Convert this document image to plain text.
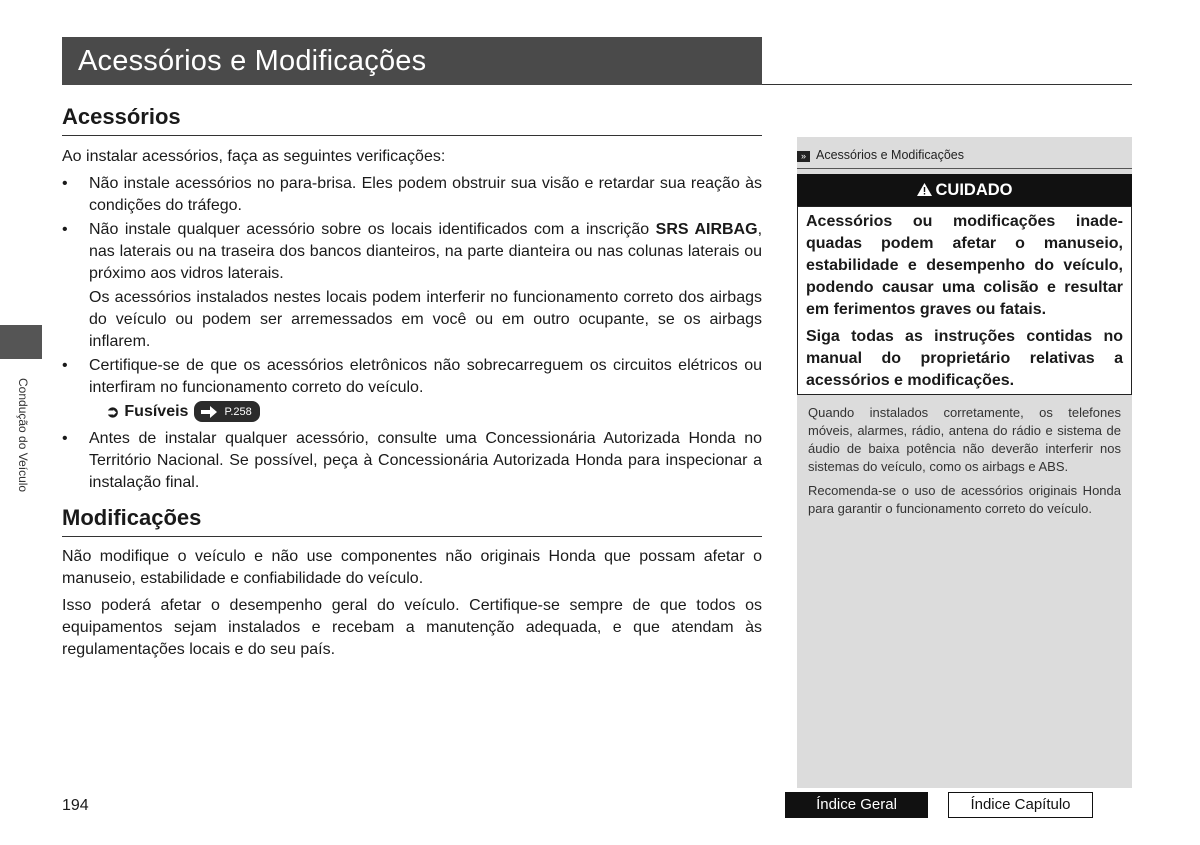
Acessórios e Modificações
Condução do Veículo
Acessórios
Ao instalar acessórios, faça as seguintes verificações:
• Não instale acessórios no para-brisa. Eles podem obstruir sua visão e retardar sua reação às condições do tráfego.
• Não instale qualquer acessório sobre os locais identificados com a inscrição SRS AIRBAG, nas laterais ou na traseira dos bancos dianteiros, na parte dianteira ou nas colunas laterais ou próximo aos vidros laterais.
Os acessórios instalados nestes locais podem interferir no funcionamento correto dos airbags do veículo ou podem ser arremessados em você ou em outro ocupante, se os airbags inflarem.
• Certifique-se de que os acessórios eletrônicos não sobrecarreguem os circuitos elétricos ou interfiram no funcionamento correto do veículo.
➲ Fusíveis	P.258
• Antes de instalar qualquer acessório, consulte uma Concessionária Autorizada Honda no Território Nacional. Se possível, peça à Concessionária Autorizada Honda para inspecionar a instalação final.
Modificações
Não modifique o veículo e não use componentes não originais Honda que possam afetar o manuseio, estabilidade e confiabilidade do veículo.
Isso poderá afetar o desempenho geral do veículo. Certifique-se sempre de que todos os equipamentos sejam instalados e recebam a manutenção adequada, e que atendam às regulamentações locais e do seu país.
» Acessórios e Modificações
CUIDADO

Acessórios ou modificações inadequadas podem afetar o manuseio, estabilidade e desempenho do veículo, podendo causar uma colisão e resultar em ferimentos graves ou fatais.

Siga todas as instruções contidas no manual do proprietário relativas a acessórios e modificações.

Quando instalados corretamente, os telefones móveis, alarmes, rádio, antena do rádio e sistema de áudio de baixa potência não deverão interferir nos sistemas do veículo, como os airbags e ABS.
Recomenda-se o uso de acessórios originais Honda para garantir o funcionamento correto do veículo.
194	Índice Geral	Índice Capítulo
